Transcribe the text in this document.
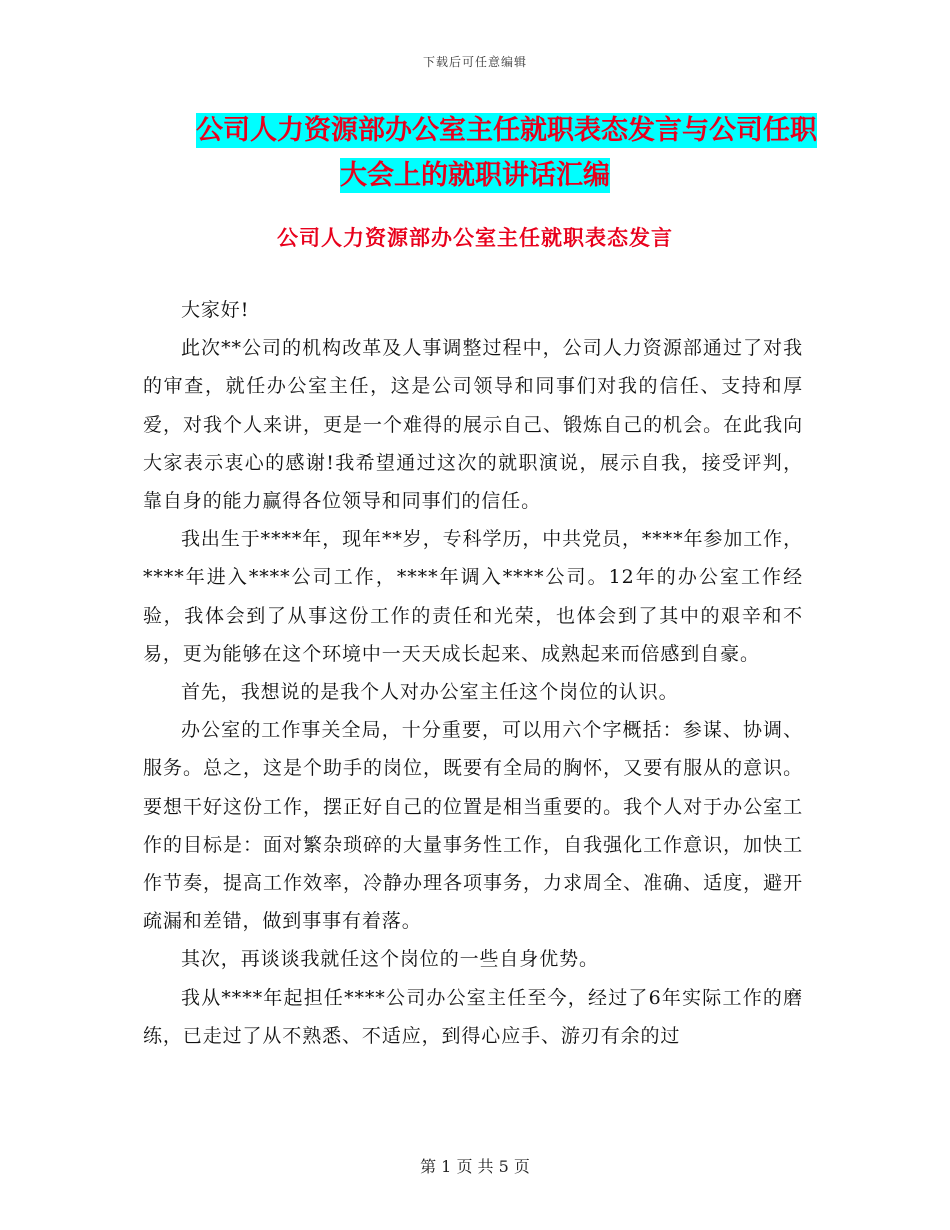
下载后可任意编辑
公司人力资源部办公室主任就职表态发言与公司任职
大会上的就职讲话汇编
公司人力资源部办公室主任就职表态发言

大家好!

此次**公司的机构改革及人事调整过程中，公司人力资源部通过了对我的审查，就任办公室主任，这是公司领导和同事们对我的信任、支持和厚爱，对我个人来讲，更是一个难得的展示自己、锻炼自己的机会。在此我向大家表示衷心的感谢!我希望通过这次的就职演说，展示自我，接受评判，靠自身的能力赢得各位领导和同事们的信任。

我出生于****年，现年**岁，专科学历，中共党员，****年参加工作，****年进入****公司工作，****年调入****公司。12年的办公室工作经验，我体会到了从事这份工作的责任和光荣，也体会到了其中的艰辛和不易，更为能够在这个环境中一天天成长起来、成熟起来而倍感到自豪。

首先，我想说的是我个人对办公室主任这个岗位的认识。

办公室的工作事关全局，十分重要，可以用六个字概括：参谋、协调、服务。总之，这是个助手的岗位，既要有全局的胸怀，又要有服从的意识。要想干好这份工作，摆正好自己的位置是相当重要的。我个人对于办公室工作的目标是：面对繁杂琐碎的大量事务性工作，自我强化工作意识，加快工作节奏，提高工作效率，冷静办理各项事务，力求周全、准确、适度，避开疏漏和差错，做到事事有着落。

其次，再谈谈我就任这个岗位的一些自身优势。

我从****年起担任****公司办公室主任至今，经过了6年实际工作的磨练，已走过了从不熟悉、不适应，到得心应手、游刃有余的过

第 1 页 共 5 页
